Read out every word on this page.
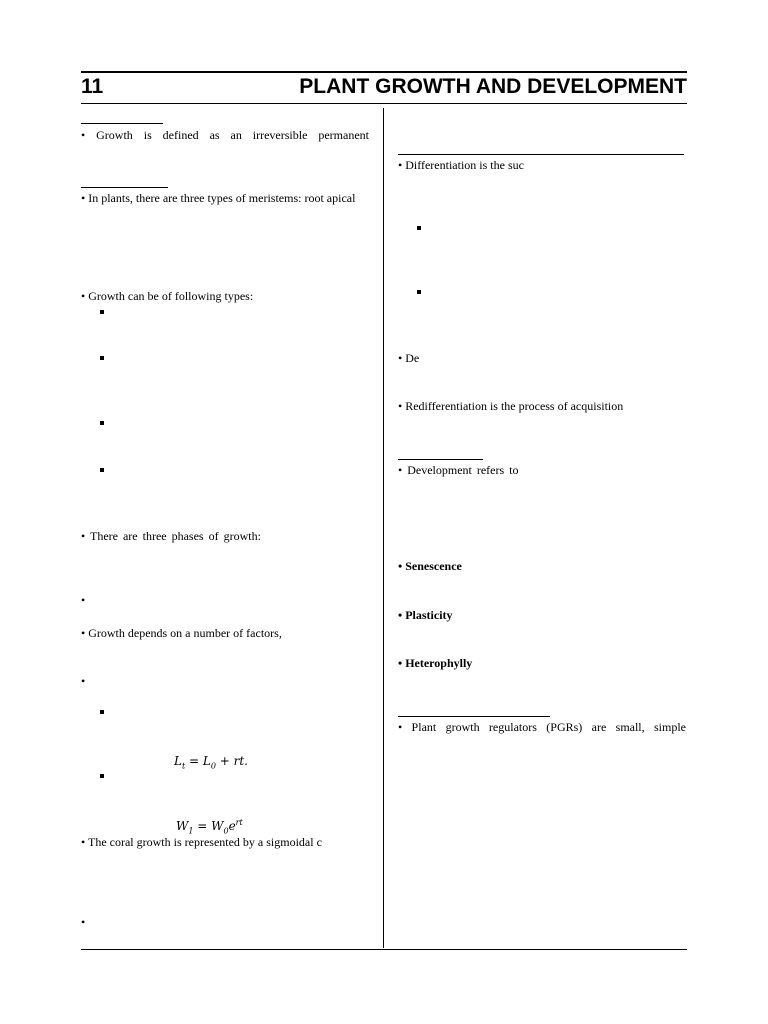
11	PLANT GROWTH AND DEVELOPMENT
• Growth is defined as an irreversible permanent
• In plants, there are three types of meristems: root apical
• Growth can be of following types:
• There are three phases of growth:
•
• Growth depends on a number of factors,
•
$L_t = L_0$ + rt.
$W_1 = W_0e^{rt}$
• The coral growth is represented by a sigmoidal c
•
• Differentiation is the suc
• De
• Redifferentiation is the process of acquisition
• Development refers to
• Senescence
• Plasticity
• Heterophylly
• Plant growth regulators (PGRs) are small, simple
